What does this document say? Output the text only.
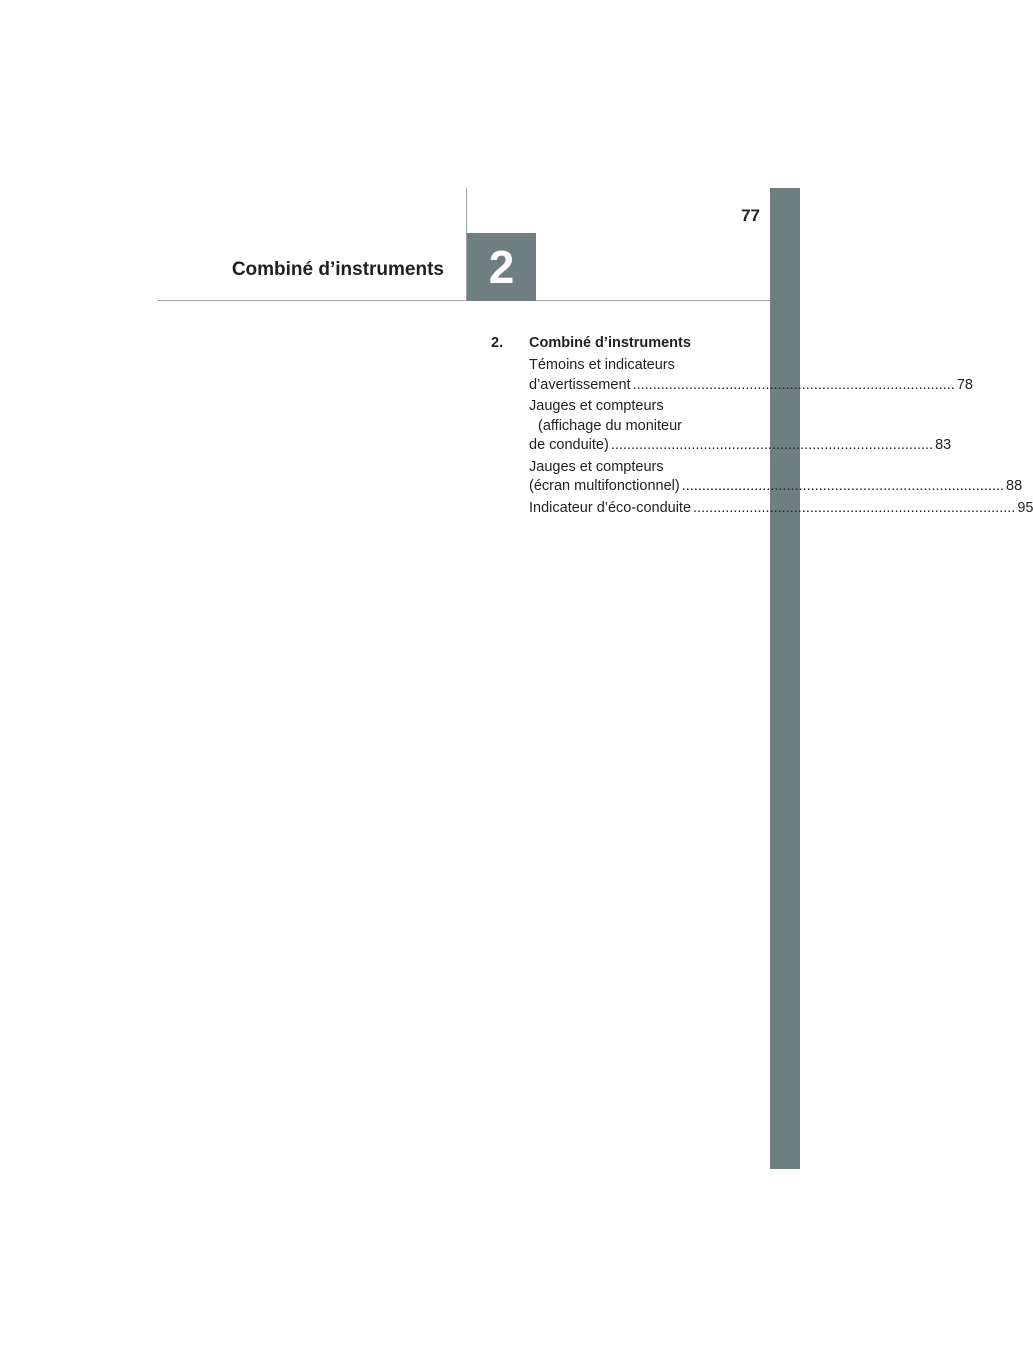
77
Combiné d’instruments 2
2. Combiné d’instruments
Témoins et indicateurs
d’avertissement ................................................................................ 78
Jauges et compteurs
(affichage du moniteur
de conduite) ................................................................................ 83
Jauges et compteurs
(écran multifonctionnel) ................................................................................ 88
Indicateur d’éco-conduite ................................................................................ 95
